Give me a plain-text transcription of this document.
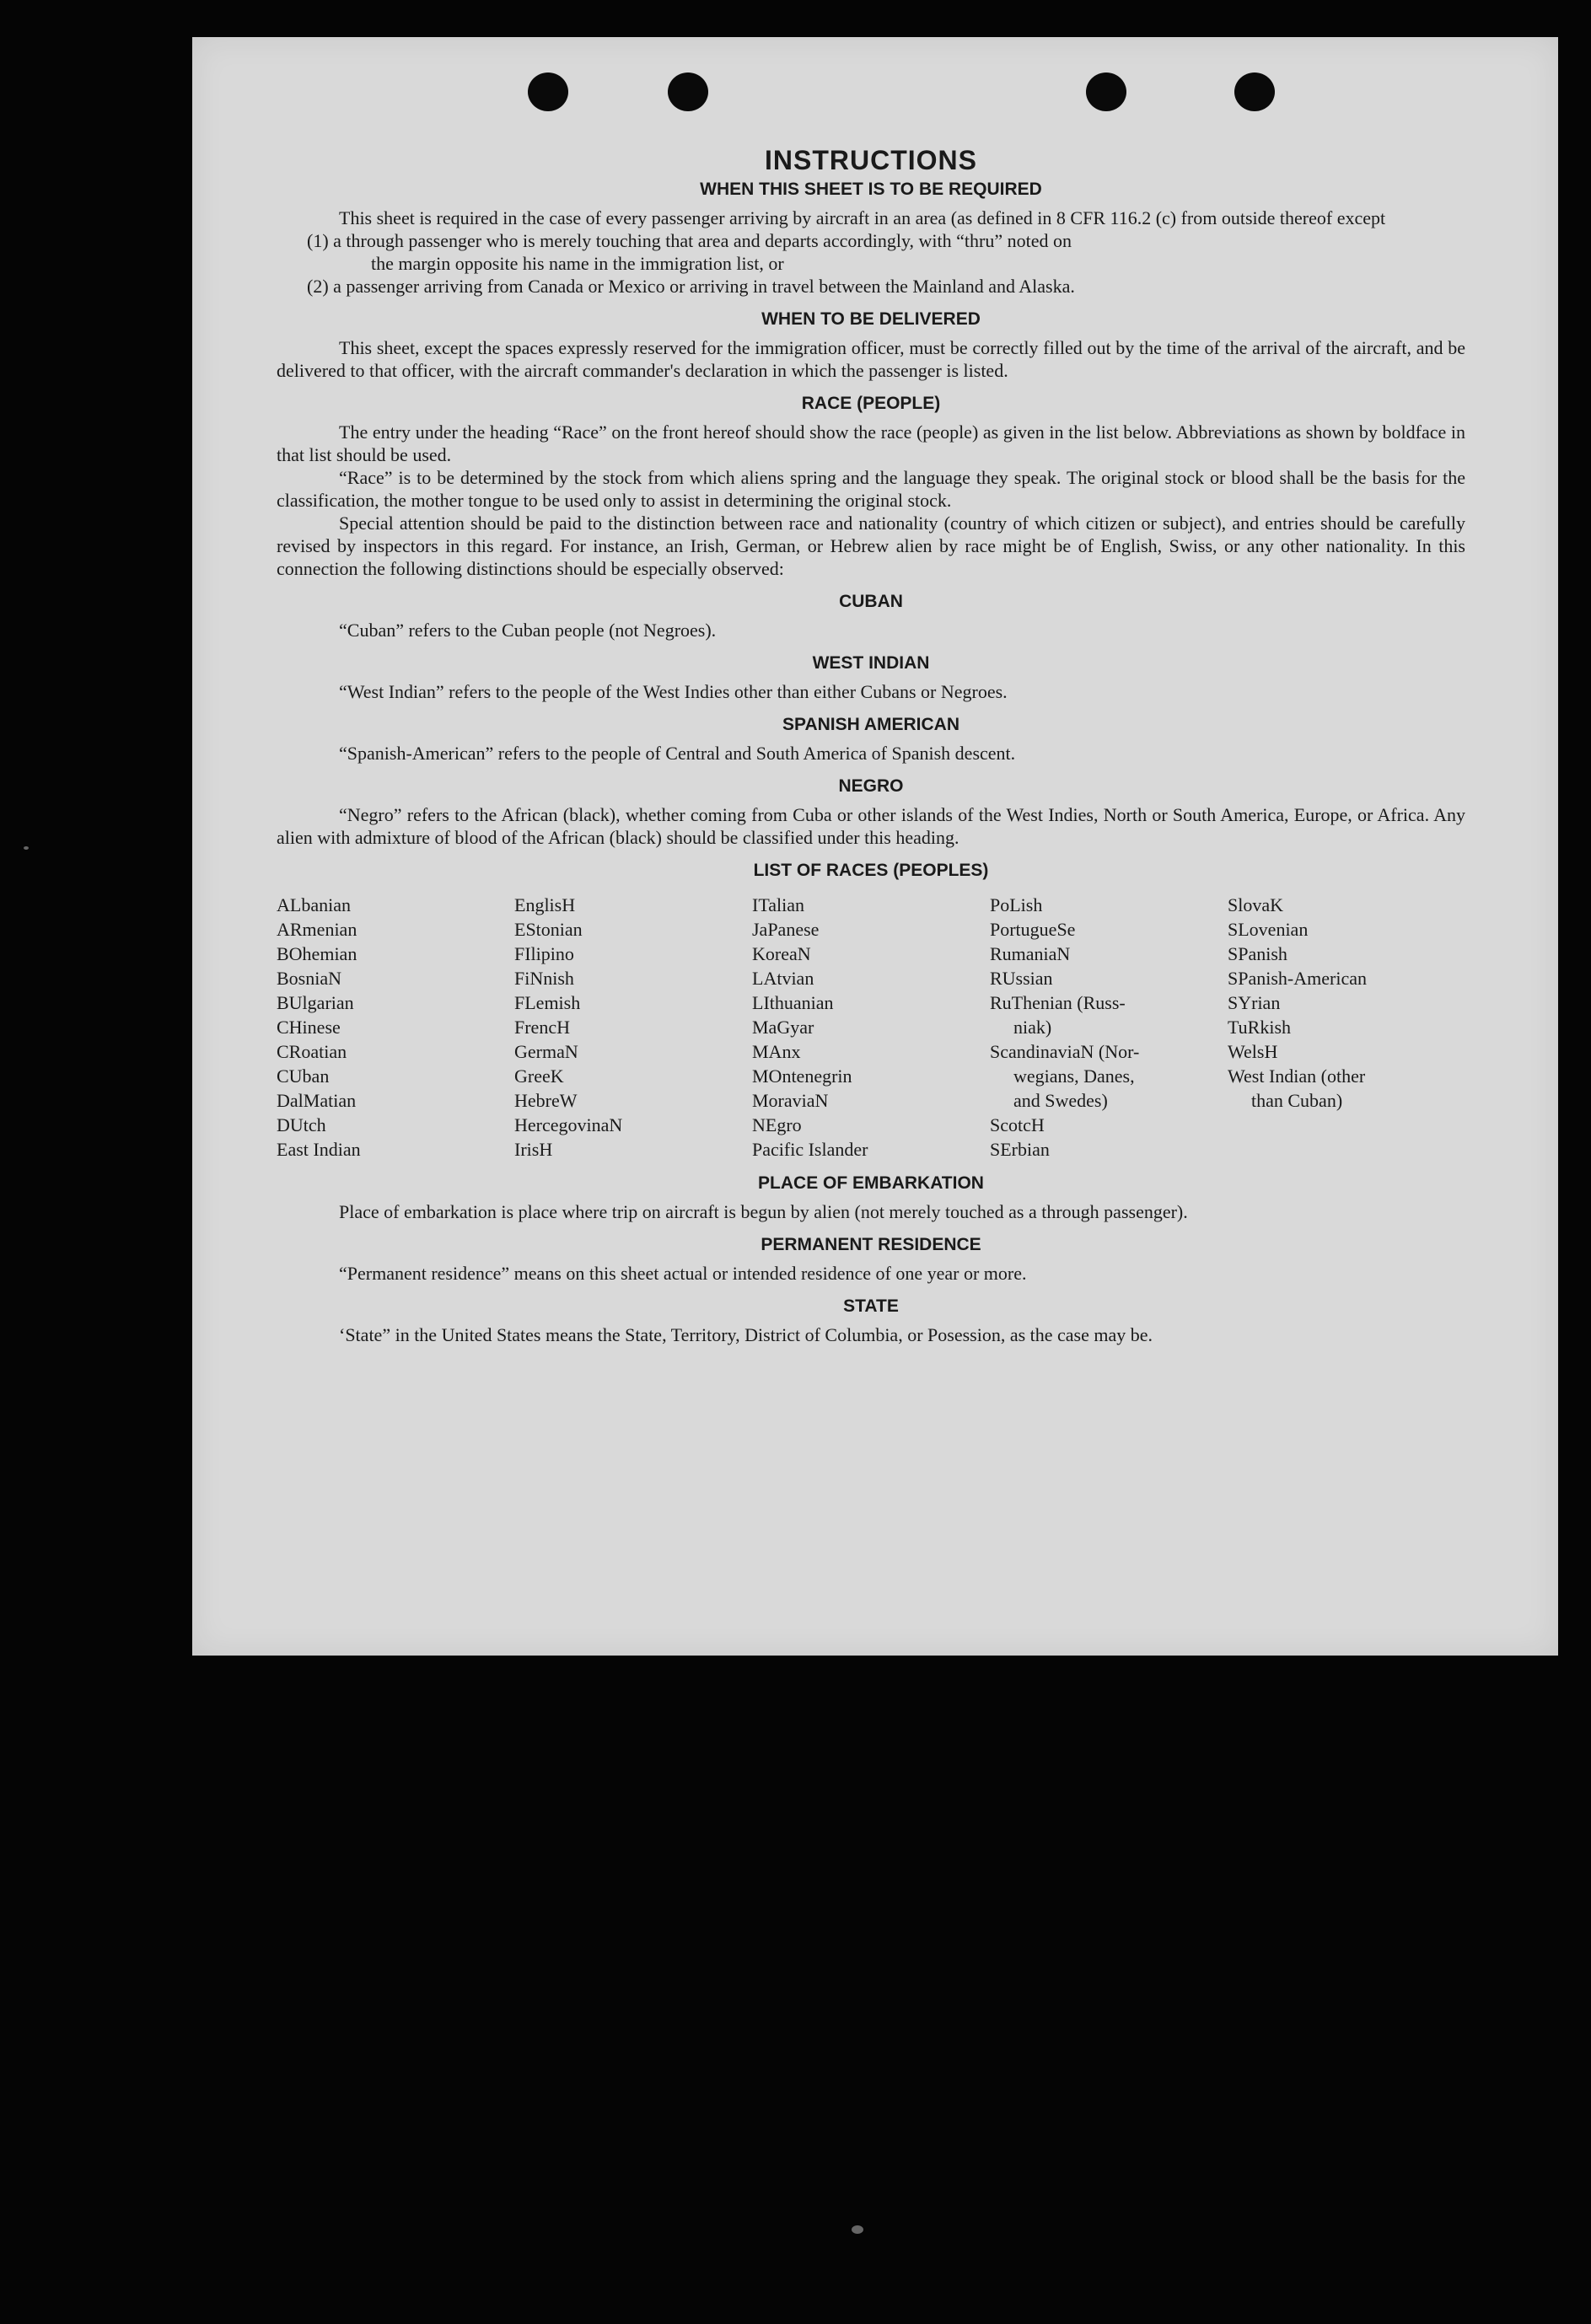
INSTRUCTIONS
WHEN THIS SHEET IS TO BE REQUIRED

This sheet is required in the case of every passenger arriving by aircraft in an area (as defined in 8 CFR 116.2 (c) from outside thereof except

(1) a through passenger who is merely touching that area and departs accordingly, with “thru” noted on

the margin opposite his name in the immigration list, or

(2) a passenger arriving from Canada or Mexico or arriving in travel between the Mainland and Alaska.

WHEN TO BE DELIVERED

This sheet, except the spaces expressly reserved for the immigration officer, must be correctly filled out by the time of the arrival of the aircraft, and be delivered to that officer, with the aircraft commander's declaration in which the passenger is listed.

RACE (PEOPLE)

The entry under the heading “Race” on the front hereof should show the race (people) as given in the list below. Abbreviations as shown by boldface in that list should be used.

“Race” is to be determined by the stock from which aliens spring and the language they speak. The original stock or blood shall be the basis for the classification, the mother tongue to be used only to assist in determining the original stock.

Special attention should be paid to the distinction between race and nationality (country of which citizen or subject), and entries should be carefully revised by inspectors in this regard. For instance, an Irish, German, or Hebrew alien by race might be of English, Swiss, or any other nationality. In this connection the following distinctions should be especially observed:

CUBAN

“Cuban” refers to the Cuban people (not Negroes).

WEST INDIAN

“West Indian” refers to the people of the West Indies other than either Cubans or Negroes.

SPANISH AMERICAN

“Spanish-American” refers to the people of Central and South America of Spanish descent.

NEGRO

“Negro” refers to the African (black), whether coming from Cuba or other islands of the West Indies, North or South America, Europe, or Africa. Any alien with admixture of blood of the African (black) should be classified under this heading.

LIST OF RACES (PEOPLES)
ALbanian
ARmenian
BOhemian
BosniaN
BUlgarian
CHinese
CRoatian
CUban
DalMatian
DUtch
East Indian
EnglisH
EStonian
FIlipino
FiNnish
FLemish
FrencH
GermaN
GreeK
HebreW
HercegovinaN
IrisH
ITalian
JaPanese
KoreaN
LAtvian
LIthuanian
MaGyar
MAnx
MOntenegrin
MoraviaN
NEgro
Pacific Islander
PoLish
PortugueSe
RumaniaN
RUssian
RuThenian (Russ-
niak)
ScandinaviaN (Nor-
wegians, Danes,
and Swedes)
ScotcH
SErbian
SlovaK
SLovenian
SPanish
SPanish-American
SYrian
TuRkish
WelsH
West Indian (other
than Cuban)
PLACE OF EMBARKATION

Place of embarkation is place where trip on aircraft is begun by alien (not merely touched as a through passenger).

PERMANENT RESIDENCE

“Permanent residence” means on this sheet actual or intended residence of one year or more.

STATE

‘State” in the United States means the State, Territory, District of Columbia, or Posession, as the case may be.
